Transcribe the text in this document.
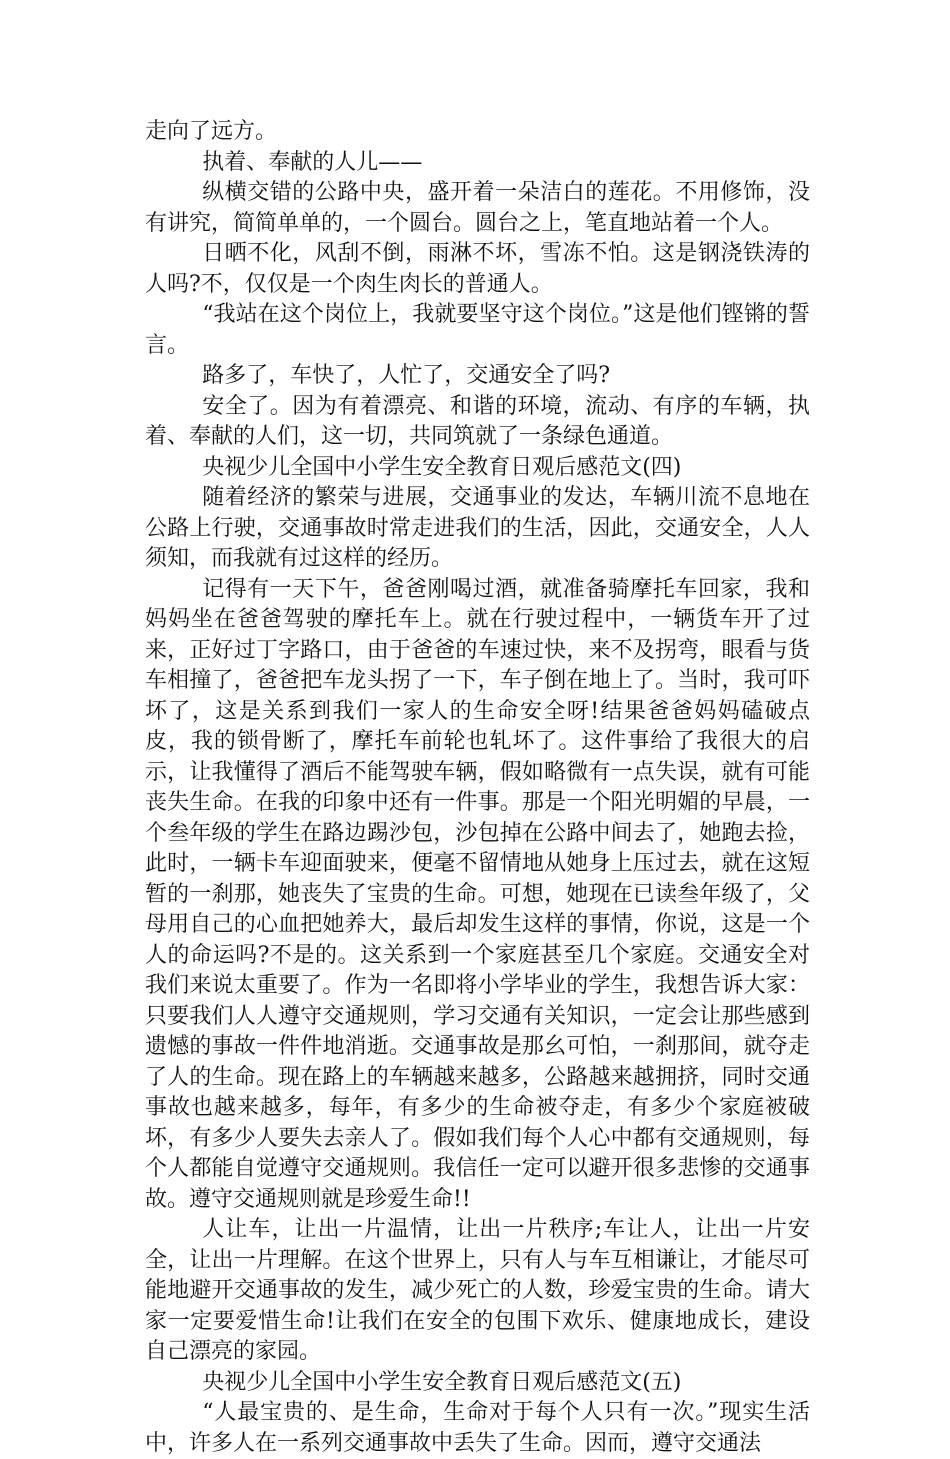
走向了远方。

执着、奉献的人儿——

纵横交错的公路中央，盛开着一朵洁白的莲花。不用修饰，没有讲究，简简单单的，一个圆台。圆台之上，笔直地站着一个人。

日晒不化，风刮不倒，雨淋不坏，雪冻不怕。这是钢浇铁涛的人吗?不，仅仅是一个肉生肉长的普通人。

“我站在这个岗位上，我就要坚守这个岗位。”这是他们铿锵的誓言。

路多了，车快了，人忙了，交通安全了吗?

安全了。因为有着漂亮、和谐的环境，流动、有序的车辆，执着、奉献的人们，这一切，共同筑就了一条绿色通道。

央视少儿全国中小学生安全教育日观后感范文(四)

随着经济的繁荣与进展，交通事业的发达，车辆川流不息地在公路上行驶，交通事故时常走进我们的生活，因此，交通安全，人人须知，而我就有过这样的经历。

记得有一天下午，爸爸刚喝过酒，就准备骑摩托车回家，我和妈妈坐在爸爸驾驶的摩托车上。就在行驶过程中，一辆货车开了过来，正好过丁字路口，由于爸爸的车速过快，来不及拐弯，眼看与货车相撞了，爸爸把车龙头拐了一下，车子倒在地上了。当时，我可吓坏了，这是关系到我们一家人的生命安全呀!结果爸爸妈妈磕破点皮，我的锁骨断了，摩托车前轮也轧坏了。这件事给了我很大的启示，让我懂得了酒后不能驾驶车辆，假如略微有一点失误，就有可能丧失生命。在我的印象中还有一件事。那是一个阳光明媚的早晨，一个叁年级的学生在路边踢沙包，沙包掉在公路中间去了，她跑去捡，此时，一辆卡车迎面驶来，便毫不留情地从她身上压过去，就在这短暂的一刹那，她丧失了宝贵的生命。可想，她现在已读叁年级了，父母用自己的心血把她养大，最后却发生这样的事情，你说，这是一个人的命运吗?不是的。这关系到一个家庭甚至几个家庭。交通安全对我们来说太重要了。作为一名即将小学毕业的学生，我想告诉大家：只要我们人人遵守交通规则，学习交通有关知识，一定会让那些感到遗憾的事故一件件地消逝。交通事故是那幺可怕，一刹那间，就夺走了人的生命。现在路上的车辆越来越多，公路越来越拥挤，同时交通事故也越来越多，每年，有多少的生命被夺走，有多少个家庭被破坏，有多少人要失去亲人了。假如我们每个人心中都有交通规则，每个人都能自觉遵守交通规则。我信任一定可以避开很多悲惨的交通事故。遵守交通规则就是珍爱生命!!

人让车，让出一片温情，让出一片秩序;车让人，让出一片安全，让出一片理解。在这个世界上，只有人与车互相谦让，才能尽可能地避开交通事故的发生，减少死亡的人数，珍爱宝贵的生命。请大家一定要爱惜生命!让我们在安全的包围下欢乐、健康地成长，建设自己漂亮的家园。

央视少儿全国中小学生安全教育日观后感范文(五)

“人最宝贵的、是生命，生命对于每个人只有一次。”现实生活中，许多人在一系列交通事故中丢失了生命。因而，遵守交通法
